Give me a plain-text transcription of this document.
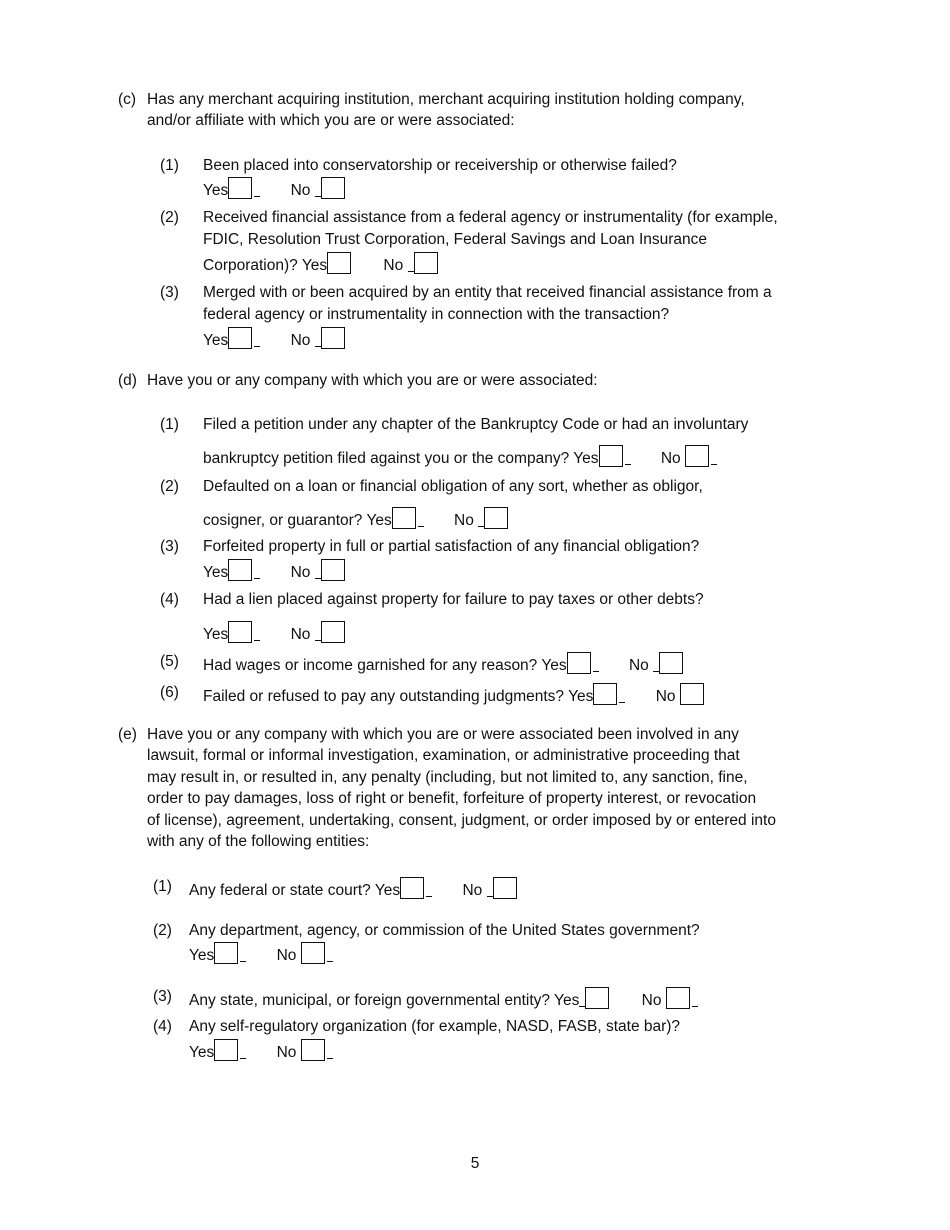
(c) Has any merchant acquiring institution, merchant acquiring institution holding company,
and/or affiliate with which you are or were associated:
(1) Been placed into conservatorship or receivership or otherwise failed?
Yes	No
(2) Received financial assistance from a federal agency or instrumentality (for example,
FDIC, Resolution Trust Corporation, Federal Savings and Loan Insurance
Corporation)? Yes	No
(3) Merged with or been acquired by an entity that received financial assistance from a
federal agency or instrumentality in connection with the transaction?
Yes	No
(d) Have you or any company with which you are or were associated:
(1) Filed a petition under any chapter of the Bankruptcy Code or had an involuntary
bankruptcy petition filed against you or the company? Yes	No
(2) Defaulted on a loan or financial obligation of any sort, whether as obligor,
cosigner, or guarantor? Yes	No
(3) Forfeited property in full or partial satisfaction of any financial obligation?
Yes	No
(4) Had a lien placed against property for failure to pay taxes or other debts?
Yes	No
(5) Had wages or income garnished for any reason? Yes	No
(6) Failed or refused to pay any outstanding judgments? Yes	No
(e) Have you or any company with which you are or were associated been involved in any
lawsuit, formal or informal investigation, examination, or administrative proceeding that
may result in, or resulted in, any penalty (including, but not limited to, any sanction, fine,
order to pay damages, loss of right or benefit, forfeiture of property interest, or revocation
of license), agreement, undertaking, consent, judgment, or order imposed by or entered into
with any of the following entities:
(1) Any federal or state court? Yes	No
(2) Any department, agency, or commission of the United States government?
Yes	No
(3) Any state, municipal, or foreign governmental entity? Yes	No
(4) Any self-regulatory organization (for example, NASD, FASB, state bar)?
Yes	No
5
